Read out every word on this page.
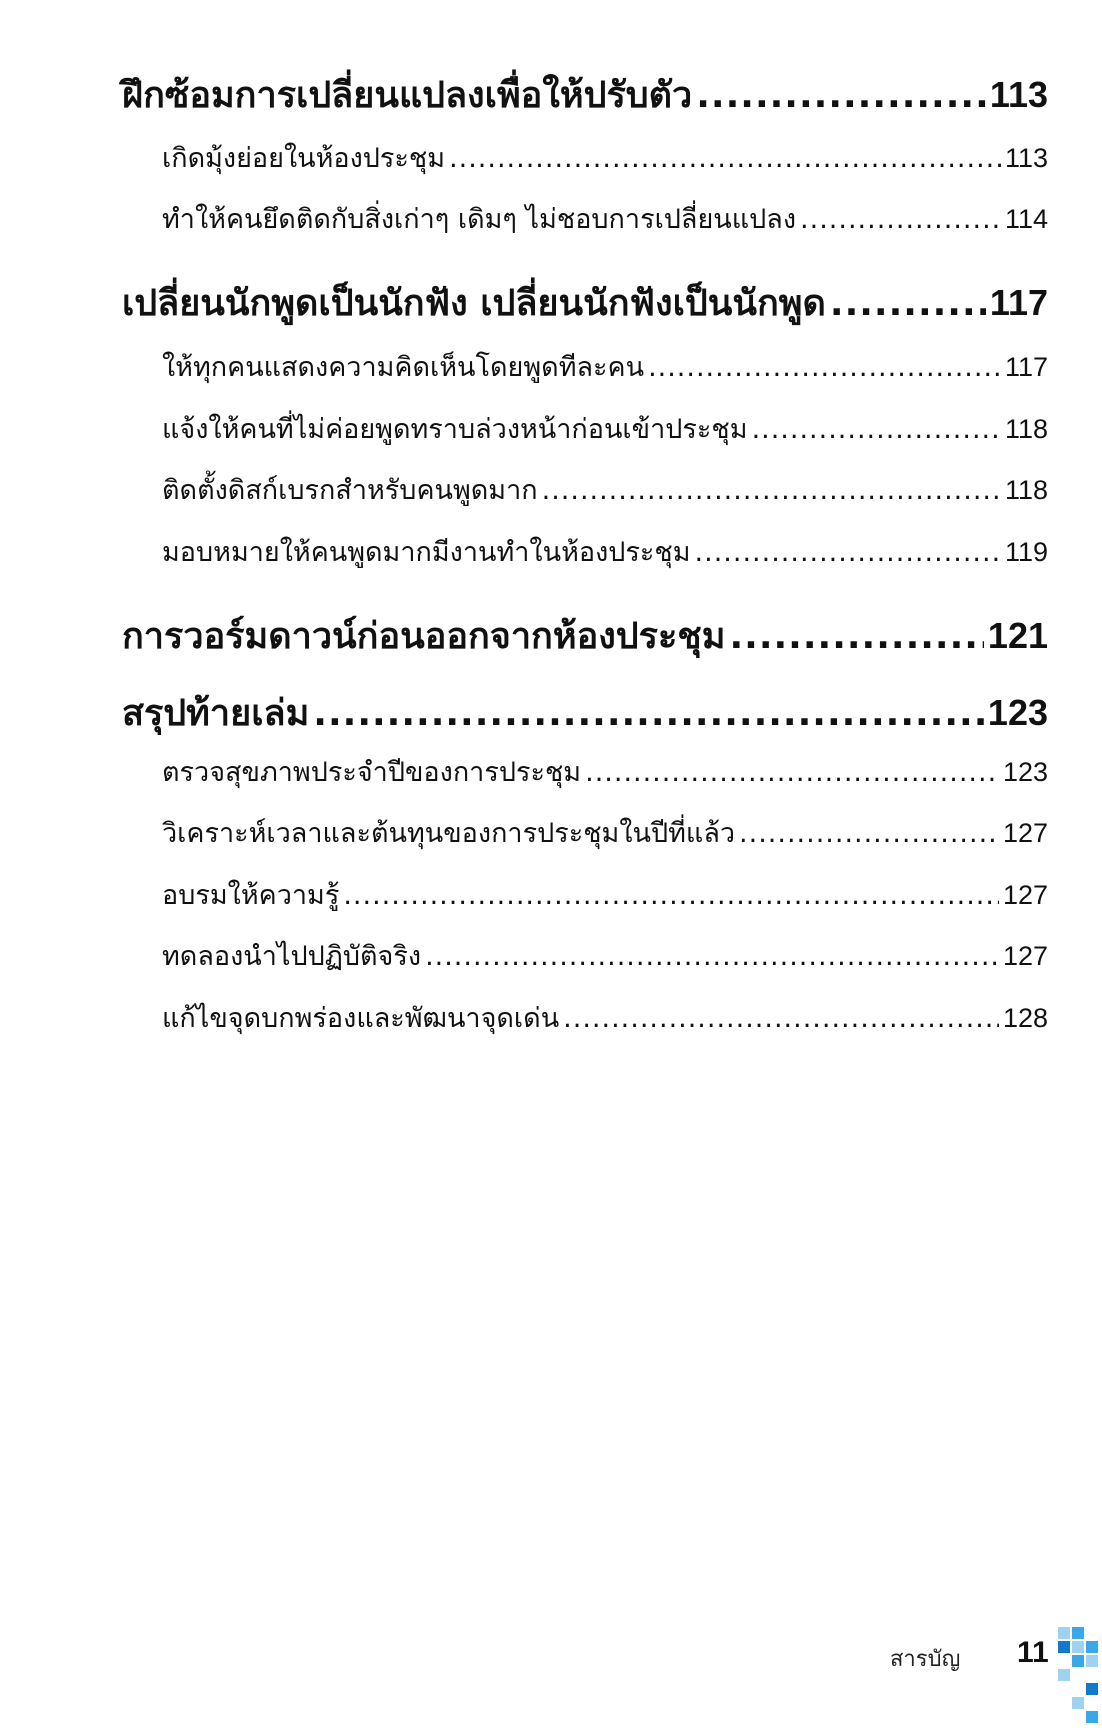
ฝึกซ้อมการเปลี่ยนแปลงเพื่อให้ปรับตัว .....	113
เกิดมุ้งย่อยในห้องประชุม .....	113
ทำให้คนยึดติดกับสิ่งเก่าๆ เดิมๆ ไม่ชอบการเปลี่ยนแปลง .....	114
เปลี่ยนนักพูดเป็นนักฟัง เปลี่ยนนักฟังเป็นนักพูด .....	117
ให้ทุกคนแสดงความคิดเห็นโดยพูดทีละคน .....	117
แจ้งให้คนที่ไม่ค่อยพูดทราบล่วงหน้าก่อนเข้าประชุม .....	118
ติดตั้งดิสก์เบรกสำหรับคนพูดมาก .....	118
มอบหมายให้คนพูดมากมีงานทำในห้องประชุม .....	119
การวอร์มดาวน์ก่อนออกจากห้องประชุม .....	121
สรุปท้ายเล่ม .....	123
ตรวจสุขภาพประจำปีของการประชุม .....	123
วิเคราะห์เวลาและต้นทุนของการประชุมในปีที่แล้ว .....	127
อบรมให้ความรู้ .....	127
ทดลองนำไปปฏิบัติจริง .....	127
แก้ไขจุดบกพร่องและพัฒนาจุดเด่น .....	128
สารบัญ 11
